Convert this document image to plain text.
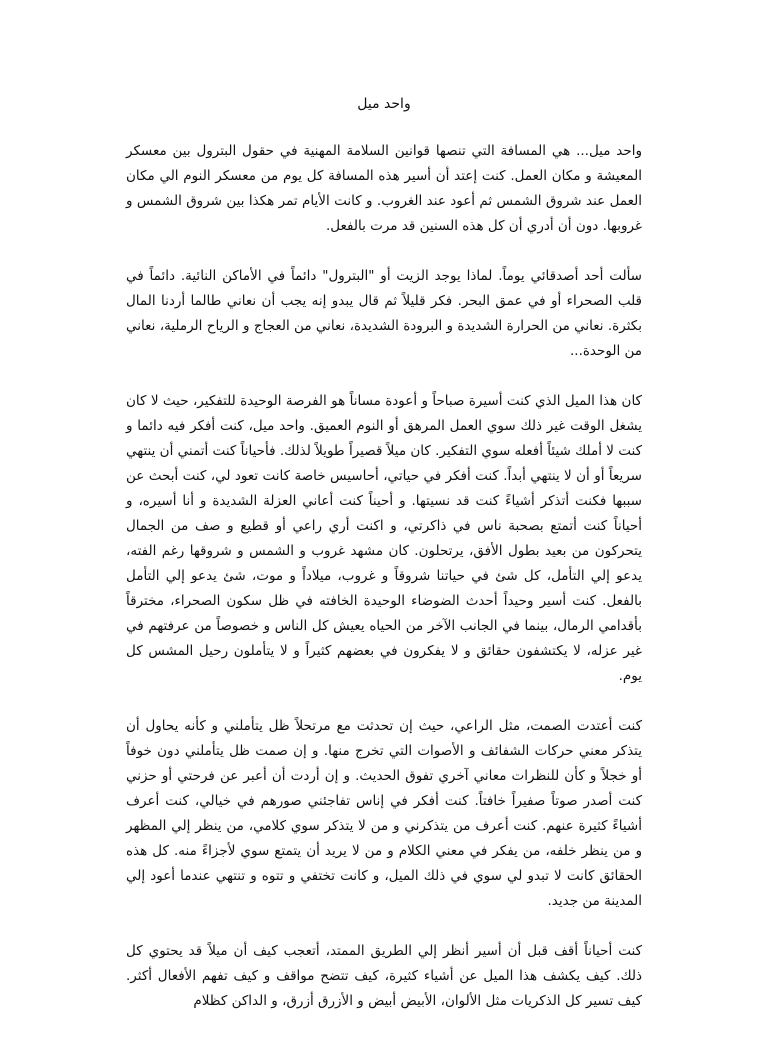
واحد ميل

واحد ميل... هي المسافة التي تنصها قوانين السلامة المهنية في حقول البترول بين معسكر المعيشة و مكان العمل. كنت إعتد أن أسير هذه المسافة كل يوم من معسكر النوم الي مكان العمل عند شروق الشمس ثم أعود عند الغروب. و كانت الأيام تمر هكذا بين شروق الشمس و غروبها. دون أن أدري أن كل هذه السنين قد مرت بالفعل.

سألت أحد أصدقائي يوماً. لماذا يوجد الزيت أو "البترول" دائماً في الأماكن النائية. دائماً في قلب الصحراء أو في عمق البحر. فكر قليلاً ثم قال يبدو إنه يجب أن نعاني طالما أردنا المال بكثرة. نعاني من الحرارة الشديدة و البرودة الشديدة، نعاني من العجاج و الرياح الرملية، نعاني من الوحدة...

كان هذا الميل الذي كنت أسيرة صباحاً و أعودة مساناً هو الفرصة الوحيدة للتفكير، حيث لا كان يشغل الوقت غير ذلك سوي العمل المرهق أو النوم العميق. واحد ميل، كنت أفكر فيه دائما و كنت لا أملك شيئاً أفعله سوي التفكير. كان ميلاً قصيراً طويلاً لذلك. فأحياناً كنت أتمني أن ينتهي سريعاً أو أن لا ينتهي أبداً. كنت أفكر في حياتي، أحاسيس خاصة كانت تعود لي، كنت أبحث عن سببها فكنت أتذكر أشياءً كنت قد نسيتها. و أحيناً كنت أعاني العزلة الشديدة و أنا أسيره، و أحياناً كنت أتمتع بصحبة ناس في ذاكرتي، و اكنت أري راعي أو قطيع و صف من الجمال يتحركون من بعيد بطول الأفق، يرتحلون. كان مشهد غروب و الشمس و شروقها رغم الفته، يدعو إلي التأمل، كل شئ في حياتنا شروقاً و غروب، ميلاداً و موت، شئ يدعو إلي التأمل بالفعل. كنت أسير وحيداً أحدث الضوضاء الوحيدة الخافته في ظل سكون الصحراء، مخترقاً بأقدامي الرمال، بينما في الجانب الآخر من الحياه يعيش كل الناس و خصوصاً من عرفتهم في غير عزله، لا يكتشفون حقائق و لا يفكرون في بعضهم كثيراً و لا يتأملون رحيل المشس كل يوم.

كنت أعتدت الصمت، مثل الراعي، حيث إن تحدثت مع مرتحلاً ظل يتأملني و كأنه يحاول أن يتذكر معني حركات الشفائف و الأصوات التي تخرج منها. و إن صمت ظل يتأملني دون خوفاً أو خجلاً و كأن للنظرات معاني آخري تفوق الحديث. و إن أردت أن أعبر عن فرحتي أو حزني كنت أصدر صوتاً صفيراً خافتاً. كنت أفكر في إناس تفاجئني صورهم في خيالي، كنت أعرف أشياءً كثيرة عنهم. كنت أعرف من يتذكرني و من لا يتذكر سوي كلامي، من ينظر إلي المظهر و من ينظر خلفه، من يفكر في معني الكلام و من لا يريد أن يتمتع سوي لأجزاءً منه. كل هذه الحقائق كانت لا تبدو لي سوي في ذلك الميل، و كانت تختفي و تتوه و تنتهي عندما أعود إلي المدينة من جديد.

كنت أحياناً أقف قبل أن أسير أنظر إلي الطريق الممتد، أتعجب كيف أن ميلاً قد يحتوي كل ذلك. كيف يكشف هذا الميل عن أشياء كثيرة، كيف تتضح مواقف و كيف تفهم الأفعال أكثر. كيف تسير كل الذكريات مثل الألوان، الأبيض أبيض و الأزرق أزرق، و الداكن كظلام
